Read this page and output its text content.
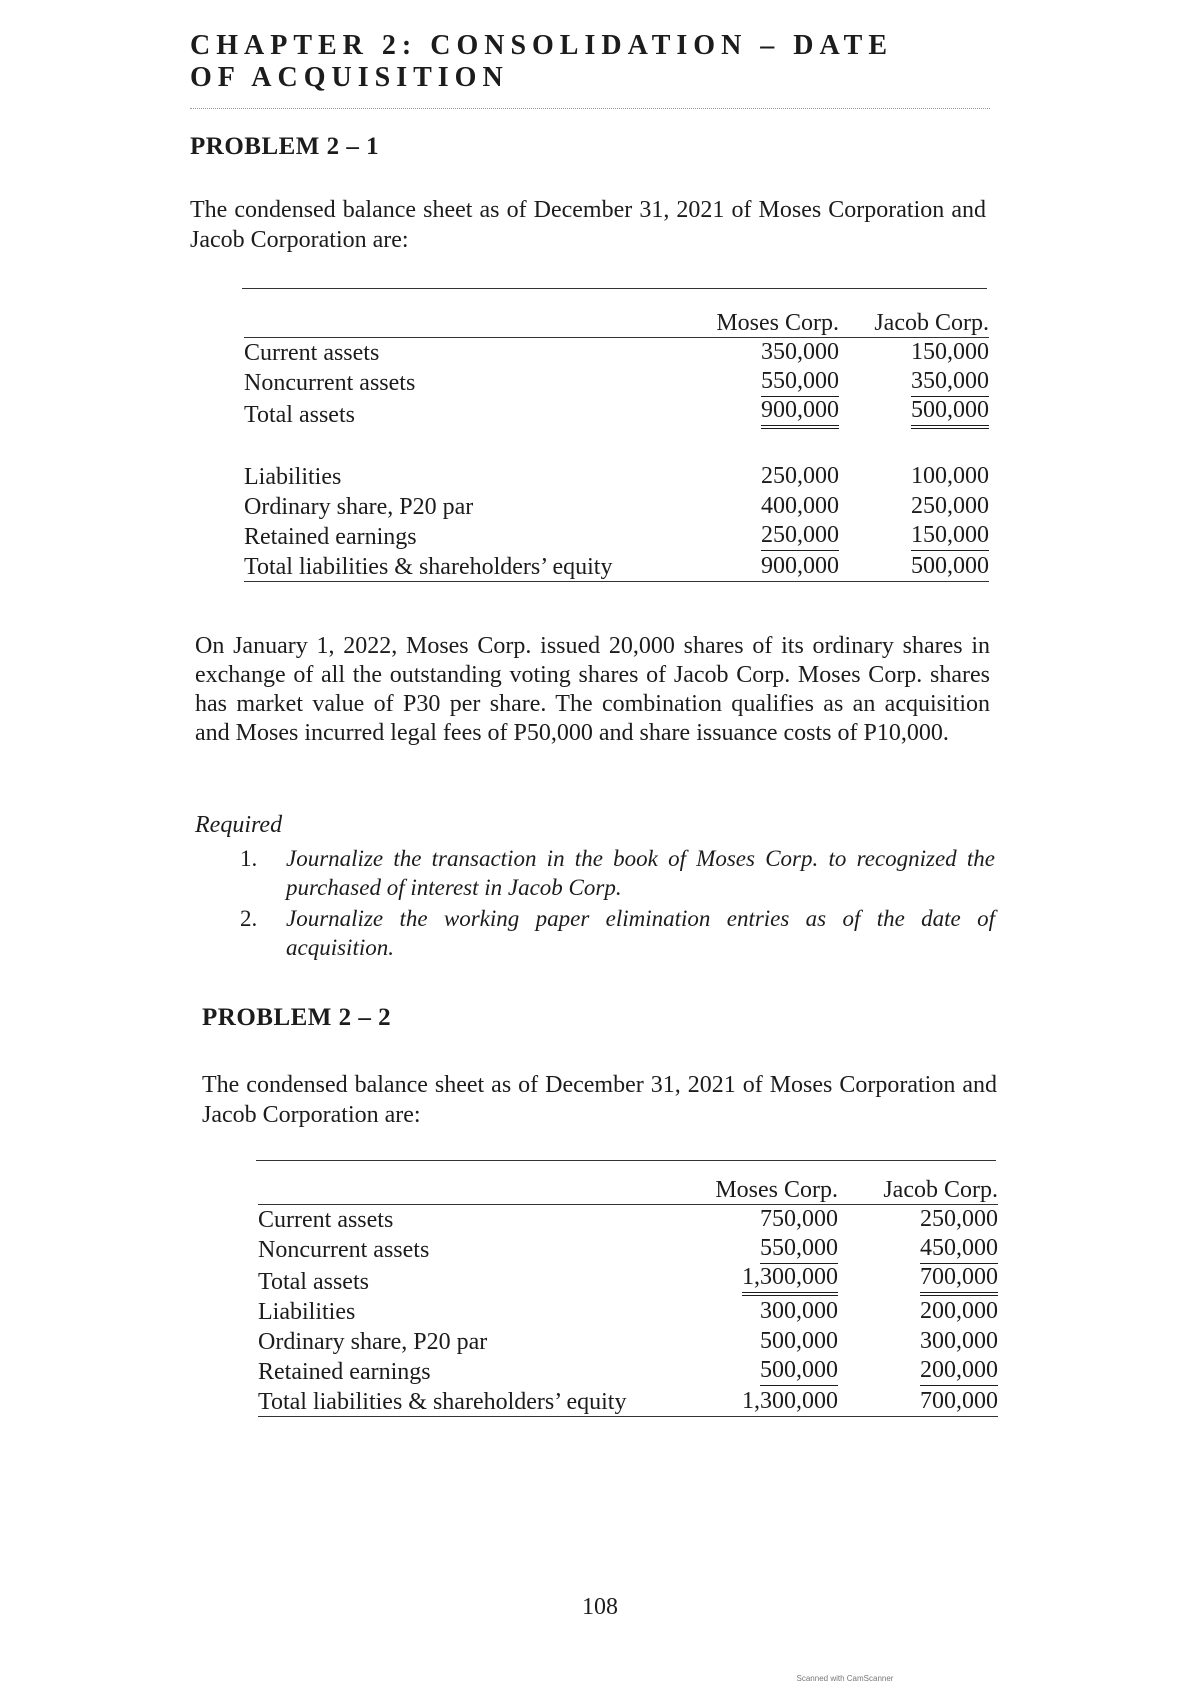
CHAPTER 2: CONSOLIDATION – DATE
OF ACQUISITION
PROBLEM 2 – 1
The condensed balance sheet as of December 31, 2021 of Moses Corporation and Jacob Corporation are:
	Moses Corp.	Jacob Corp.
Current assets	350,000	150,000
Noncurrent assets	550,000	350,000
Total assets	900,000	500,000
Liabilities	250,000	100,000
Ordinary share, P20 par	400,000	250,000
Retained earnings	250,000	150,000
Total liabilities & shareholders’ equity	900,000	500,000
On January 1, 2022, Moses Corp. issued 20,000 shares of its ordinary shares in exchange of all the outstanding voting shares of Jacob Corp. Moses Corp. shares has market value of P30 per share. The combination qualifies as an acquisition and Moses incurred legal fees of P50,000 and share issuance costs of P10,000.
Required
1. Journalize the transaction in the book of Moses Corp. to recognized the purchased of interest in Jacob Corp.
2. Journalize the working paper elimination entries as of the date of acquisition.
PROBLEM 2 – 2
The condensed balance sheet as of December 31, 2021 of Moses Corporation and Jacob Corporation are:
	Moses Corp.	Jacob Corp.
Current assets	750,000	250,000
Noncurrent assets	550,000	450,000
Total assets	1,300,000	700,000
Liabilities	300,000	200,000
Ordinary share, P20 par	500,000	300,000
Retained earnings	500,000	200,000
Total liabilities & shareholders’ equity	1,300,000	700,000
108
Scanned with CamScanner
